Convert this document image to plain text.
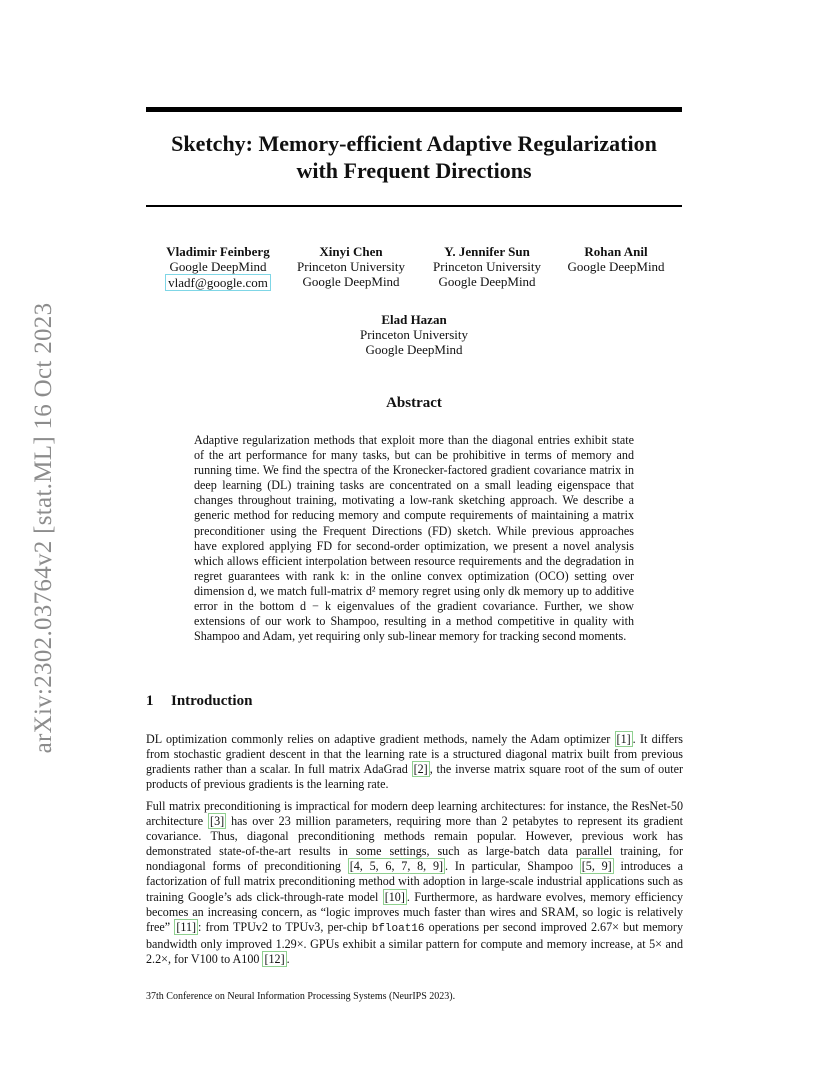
arXiv:2302.03764v2 [stat.ML] 16 Oct 2023
Sketchy: Memory-efficient Adaptive Regularization
with Frequent Directions
Vladimir Feinberg
Google DeepMind
vladf@google.com
Xinyi Chen
Princeton University
Google DeepMind
Y. Jennifer Sun
Princeton University
Google DeepMind
Rohan Anil
Google DeepMind
Elad Hazan
Princeton University
Google DeepMind
Abstract
Adaptive regularization methods that exploit more than the diagonal entries exhibit state of the art performance for many tasks, but can be prohibitive in terms of memory and running time. We find the spectra of the Kronecker-factored gradient covariance matrix in deep learning (DL) training tasks are concentrated on a small leading eigenspace that changes throughout training, motivating a low-rank sketching approach. We describe a generic method for reducing memory and compute requirements of maintaining a matrix preconditioner using the Frequent Directions (FD) sketch. While previous approaches have explored applying FD for second-order optimization, we present a novel analysis which allows efficient interpolation between resource requirements and the degradation in regret guarantees with rank k: in the online convex optimization (OCO) setting over dimension d, we match full-matrix d² memory regret using only dk memory up to additive error in the bottom d − k eigenvalues of the gradient covariance. Further, we show extensions of our work to Shampoo, resulting in a method competitive in quality with Shampoo and Adam, yet requiring only sub-linear memory for tracking second moments.
1 Introduction
DL optimization commonly relies on adaptive gradient methods, namely the Adam optimizer [1] . It differs from stochastic gradient descent in that the learning rate is a structured diagonal matrix built from previous gradients rather than a scalar. In full matrix AdaGrad [2] , the inverse matrix square root of the sum of outer products of previous gradients is the learning rate.
Full matrix preconditioning is impractical for modern deep learning architectures: for instance, the ResNet-50 architecture [3] has over 23 million parameters, requiring more than 2 petabytes to represent its gradient covariance. Thus, diagonal preconditioning methods remain popular. However, previous work has demonstrated state-of-the-art results in some settings, such as large-batch data parallel training, for nondiagonal forms of preconditioning [4, 5, 6, 7, 8, 9] . In particular, Shampoo [5, 9] introduces a factorization of full matrix preconditioning method with adoption in large-scale industrial applications such as training Google’s ads click-through-rate model [10] . Furthermore, as hardware evolves, memory efficiency becomes an increasing concern, as “logic improves much faster than wires and SRAM, so logic is relatively free” [11] : from TPUv2 to TPUv3, per-chip bfloat16 operations per second improved 2.67× but memory bandwidth only improved 1.29×. GPUs exhibit a similar pattern for compute and memory increase, at 5× and 2.2×, for V100 to A100 [12] .
37th Conference on Neural Information Processing Systems (NeurIPS 2023).
